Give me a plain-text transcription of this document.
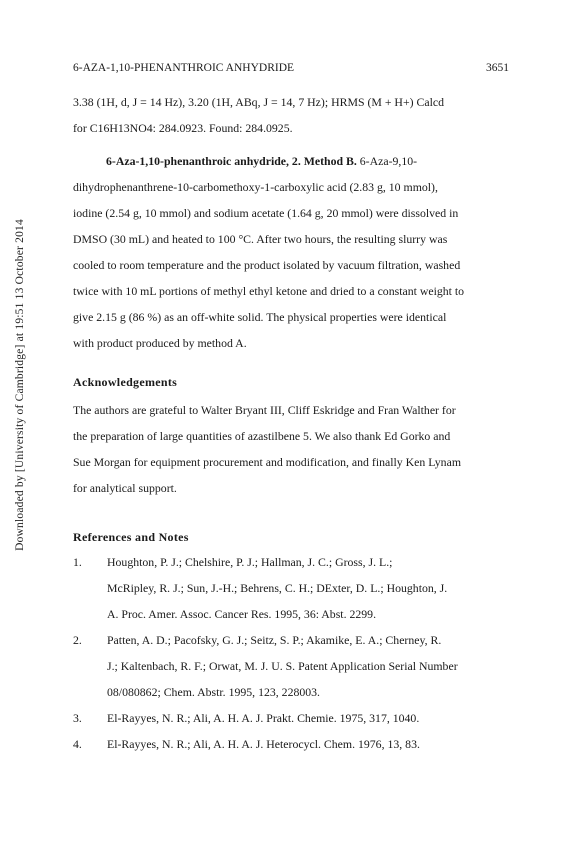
Downloaded by [University of Cambridge] at 19:51 13 October 2014
6-AZA-1,10-PHENANTHROIC ANHYDRIDE	3651
3.38 (1H, d, J = 14 Hz), 3.20 (1H, ABq, J = 14, 7 Hz); HRMS (M + H+) Calcd
for C16H13NO4: 284.0923. Found: 284.0925.
6-Aza-1,10-phenanthroic anhydride, 2. Method B. 6-Aza-9,10-
dihydrophenanthrene-10-carbomethoxy-1-carboxylic acid (2.83 g, 10 mmol),
iodine (2.54 g, 10 mmol) and sodium acetate (1.64 g, 20 mmol) were dissolved in
DMSO (30 mL) and heated to 100 °C. After two hours, the resulting slurry was
cooled to room temperature and the product isolated by vacuum filtration, washed
twice with 10 mL portions of methyl ethyl ketone and dried to a constant weight to
give 2.15 g (86 %) as an off-white solid. The physical properties were identical
with product produced by method A.
Acknowledgements
The authors are grateful to Walter Bryant III, Cliff Eskridge and Fran Walther for
the preparation of large quantities of azastilbene 5. We also thank Ed Gorko and
Sue Morgan for equipment procurement and modification, and finally Ken Lynam
for analytical support.
References and Notes
1. Houghton, P. J.; Chelshire, P. J.; Hallman, J. C.; Gross, J. L.;
McRipley, R. J.; Sun, J.-H.; Behrens, C. H.; DExter, D. L.; Houghton, J.
A. Proc. Amer. Assoc. Cancer Res. 1995, 36: Abst. 2299.
2. Patten, A. D.; Pacofsky, G. J.; Seitz, S. P.; Akamike, E. A.; Cherney, R.
J.; Kaltenbach, R. F.; Orwat, M. J. U. S. Patent Application Serial Number
08/080862; Chem. Abstr. 1995, 123, 228003.
3. El-Rayyes, N. R.; Ali, A. H. A. J. Prakt. Chemie. 1975, 317, 1040.
4. El-Rayyes, N. R.; Ali, A. H. A. J. Heterocycl. Chem. 1976, 13, 83.
